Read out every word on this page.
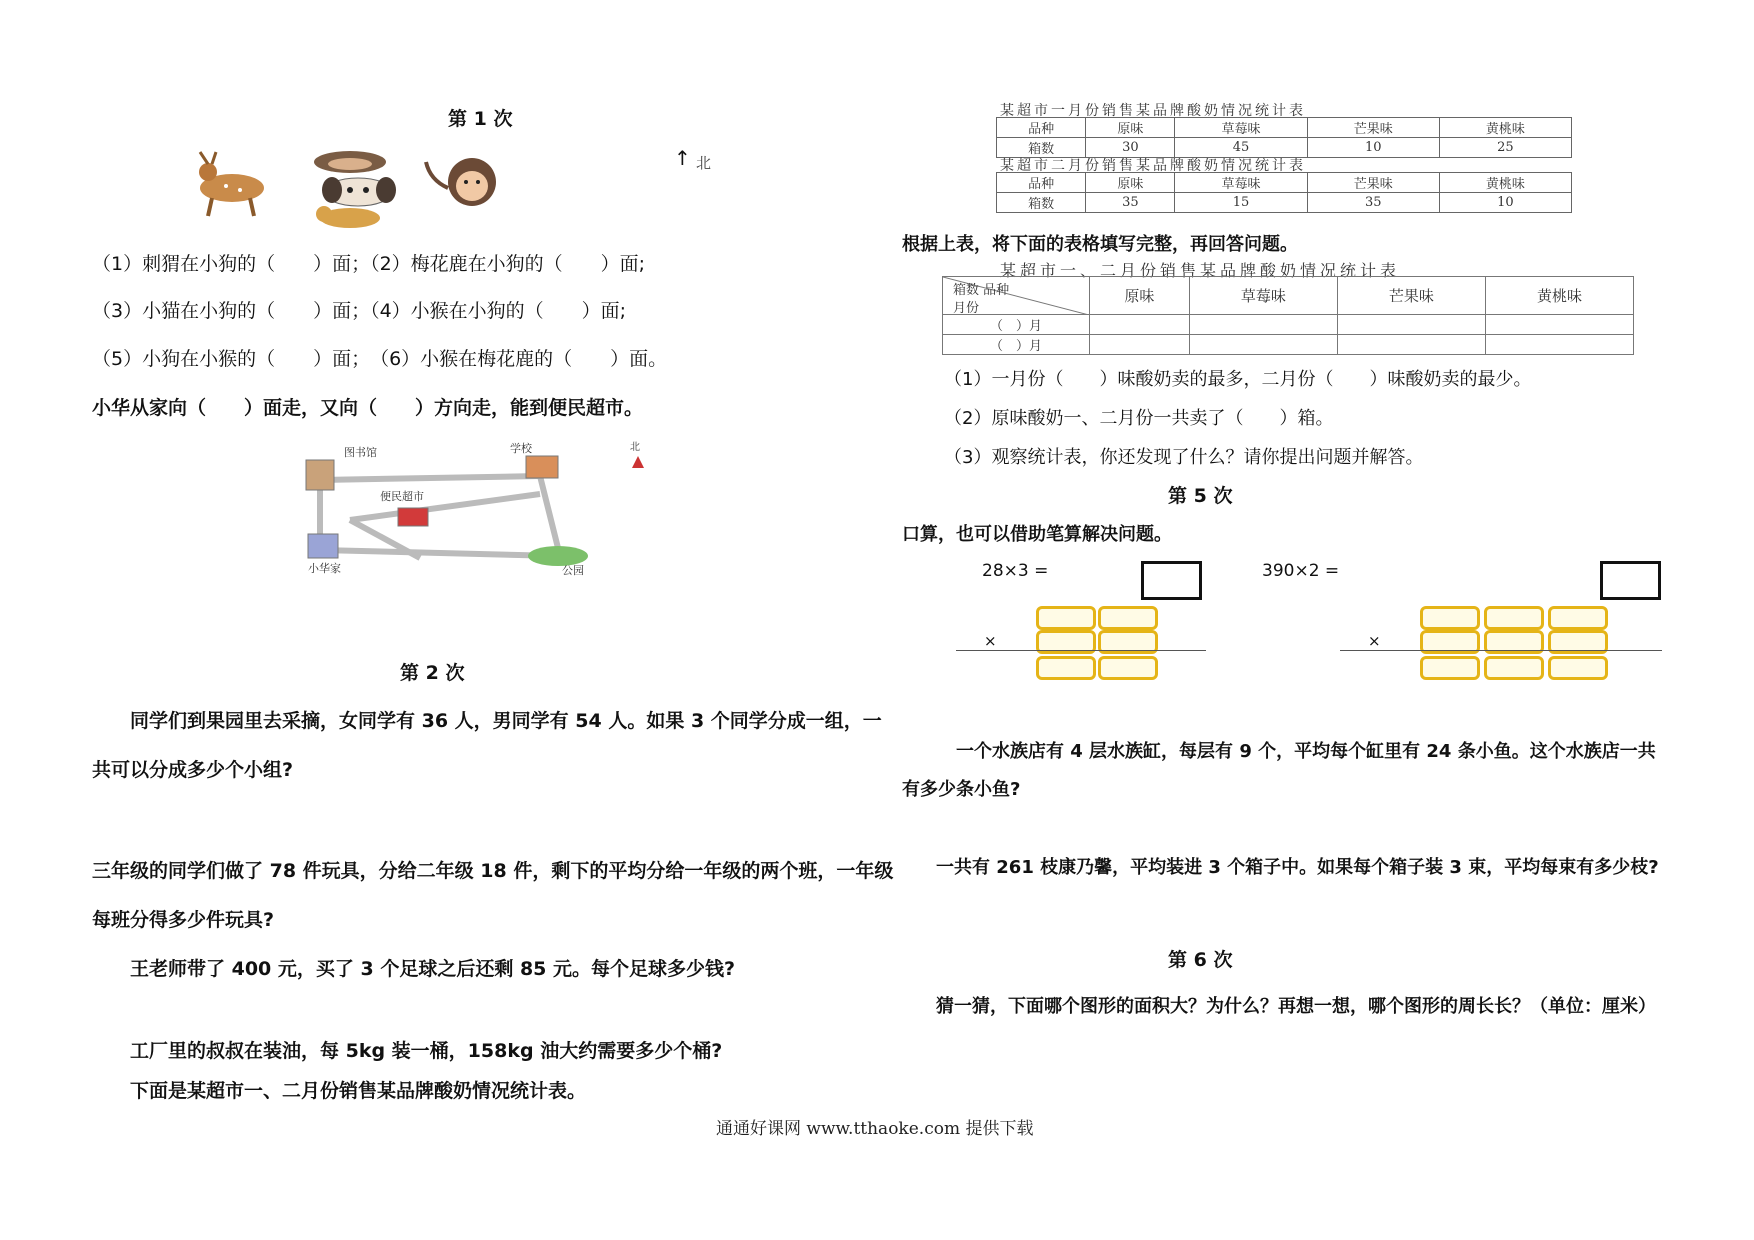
第 1 次
↑ 北
（1）刺猬在小狗的（　　）面；（2）梅花鹿在小狗的（　　）面;
（3）小猫在小狗的（　　）面；（4）小猴在小狗的（　　）面;
（5）小狗在小猴的（　　）面；　（6）小猴在梅花鹿的（　　）面。
小华从家向（　　）面走，又向（　　）方向走，能到便民超市。
图书馆	学校
便民超市
小华家	公园
北
第 2 次
同学们到果园里去采摘，女同学有 36 人，男同学有 54 人。如果 3 个同学分成一组，一
共可以分成多少个小组?
三年级的同学们做了 78 件玩具，分给二年级 18 件，剩下的平均分给一年级的两个班，一年级
每班分得多少件玩具?
王老师带了 400 元，买了 3 个足球之后还剩 85 元。每个足球多少钱?
工厂里的叔叔在装油，每 5kg 装一桶，158kg 油大约需要多少个桶?
下面是某超市一、二月份销售某品牌酸奶情况统计表。
某超市一月份销售某品牌酸奶情况统计表
品种	原味	草莓味	芒果味	黄桃味
箱数	30	45	10	25
某超市二月份销售某品牌酸奶情况统计表
品种	原味	草莓味	芒果味	黄桃味
箱数	35	15	35	10
根据上表，将下面的表格填写完整，再回答问题。
某超市一、二月份销售某品牌酸奶情况统计表
箱数 品种
月份	原味	草莓味	芒果味	黄桃味
（　）月				
（　）月				
（1）一月份（　　）味酸奶卖的最多，二月份（　　）味酸奶卖的最少。
（2）原味酸奶一、二月份一共卖了（　　）箱。
（3）观察统计表，你还发现了什么？请你提出问题并解答。
第 5 次
口算，也可以借助笔算解决问题。
28×3 =
×
390×2 =
×
一个水族店有 4 层水族缸，每层有 9 个，平均每个缸里有 24 条小鱼。这个水族店一共
有多少条小鱼?
一共有 261 枝康乃馨，平均装进 3 个箱子中。如果每个箱子装 3 束，平均每束有多少枝?
第 6 次
猜一猜，下面哪个图形的面积大？为什么？再想一想，哪个图形的周长长？（单位：厘米）
通通好课网 www.tthaoke.com 提供下载
